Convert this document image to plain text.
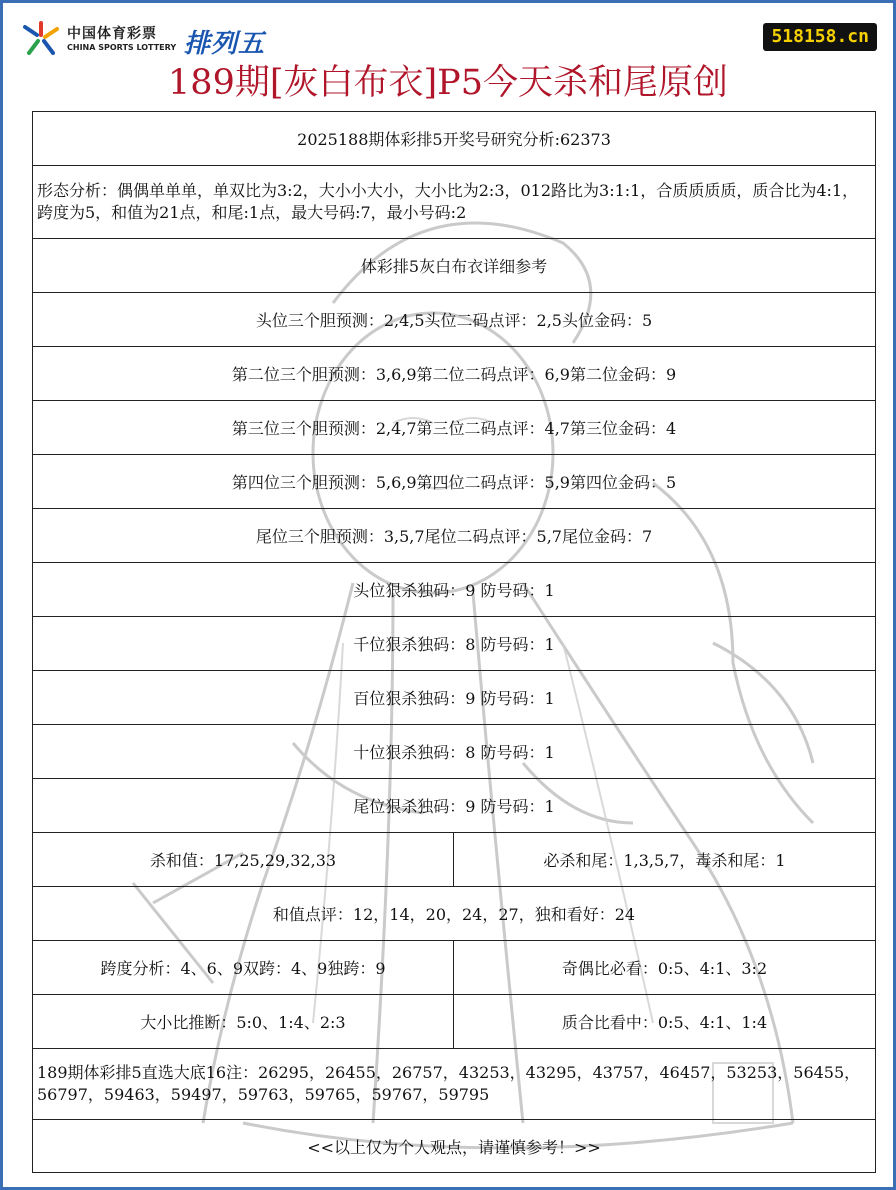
中国体育彩票
CHINA SPORTS LOTTERY 排列五	518158.cn
189期[灰白布衣]P5今天杀和尾原创
2025188期体彩排5开奖号研究分析:62373	
形态分析：偶偶单单单，单双比为3:2，大小小大小，大小比为2:3，012路比为3:1:1，合质质质质，质合比为4:1，跨度为5，和值为21点，和尾:1点，最大号码:7，最小号码:2	
体彩排5灰白布衣详细参考	
头位三个胆预测：2,4,5头位二码点评：2,5头位金码：5	
第二位三个胆预测：3,6,9第二位二码点评：6,9第二位金码：9	
第三位三个胆预测：2,4,7第三位二码点评：4,7第三位金码：4	
第四位三个胆预测：5,6,9第四位二码点评：5,9第四位金码：5	
尾位三个胆预测：3,5,7尾位二码点评：5,7尾位金码：7	
头位狠杀独码：9 防号码：1	
千位狠杀独码：8 防号码：1	
百位狠杀独码：9 防号码：1	
十位狠杀独码：8 防号码：1	
尾位狠杀独码：9 防号码：1	
杀和值：17,25,29,32,33	必杀和尾：1,3,5,7，毒杀和尾：1
和值点评：12，14，20，24，27，独和看好：24	
跨度分析：4、6、9双跨：4、9独跨：9	奇偶比必看：0:5、4:1、3:2
大小比推断：5:0、1:4、2:3	质合比看中：0:5、4:1、1:4
189期体彩排5直选大底16注：26295，26455，26757，43253，43295，43757，46457，53253，56455，56797，59463，59497，59763，59765，59767，59795	
<<以上仅为个人观点，请谨慎参考！>>	
